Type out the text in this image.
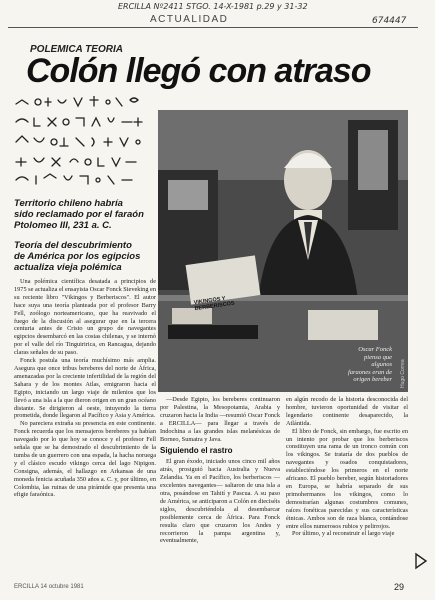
ERCILLA Nº2411 STGO. 14-X-1981 p.29 y 31-32
674447
ACTUALIDAD
POLEMICA TEORIA
Colón llegó con atraso
Territorio chileno habría
sido reclamado por el faraón
Ptolomeo III, 231 a. C.
Teoría del descubrimiento
de América por los egipcios
actualiza vieja polémica
VIKINGOS Y BERBERISCOS
Oscar Fonck
piensa que
algunos
faraones eran de
origen bereber Hugo Correa

Una polémica científica desatada a principios de 1975 se actualiza el ensayista Oscar Fonck Sieveking en su reciente libro "Vikingos y Berberiscos". El autor hace suya una teoría planteada por el profesor Barry Fell, zoólogo norteamericano, que ha reavivado el fuego de la discusión al asegurar que en la tercera centuria antes de Cristo un grupo de navegantes egipcios desembarcó en las costas chilenas, y se internó por el valle del río Tinguiririca, en Rancagua, dejando claras señales de su paso.

Fonck postula una teoría muchísimo más amplia. Asegura que once tribus bereberes del norte de África, amenazadas por la creciente infertilidad de la región del Sahara y de los montes Atlas, emigraron hacia el Egipto, iniciando un largo viaje de milenios que los llevó a una isla a la que dieron origen en un gran océano distante. Se dirigieron al oeste, intuyendo la tierra prometida, donde llegaron al Pacífico y Asia y América.

No pareciera extraña su presencia en este continente. Fonck recuerda que los mensajeros bereberes ya habían navegado por lo que hoy se conoce y el profesor Fell señala que se ha demostrado el descubrimiento de la tumba de un guerrero con una espada, la hacha noruega y el clásico escudo vikingo cerca del lago Nipigon. Consigna, además, el hallazgo en Arkansas de una moneda fenicia acuñada 350 años a. C. y, por último, en Colombia, las ruinas de una pirámide que presenta una efigie faraónica.

—Desde Egipto, los bereberes continuaron por Palestina, la Mesopotamia, Arabia y cruzaron hacia la India —resumió Oscar Fonck a ERCILLA— para llegar a través de Indochina a las grandes islas melanésicas de Borneo, Sumatra y Java.

Siguiendo el rastro

El gran éxodo, iniciado unos cinco mil años atrás, prosiguió hacia Australia y Nueva Zelandia. Ya en el Pacífico, los berberiscos —excelentes navegantes— saltaron de una isla a otra, posándose en Tahití y Pascua. A su paso de América, se anticiparon a Colón en dieciséis siglos, descubriéndola al desembarcar posiblemente cerca de África. Para Fonck resulta claro que cruzaron los Andes y recorrieron la pampa argentina y, eventualmente,

en algún recodo de la historia desconocida del hombre, tuvieron oportunidad de visitar el legendario continente desaparecido, la Atlántida.

El libro de Fonck, sin embargo, fue escrito en un intento por probar que los berberiscos constituyen una rama de un tronco común con los vikingos. Se trataría de dos pueblos de navegantes y osados conquistadores, estableciéndose los primeros en el norte africano. El pueblo bereber, según historiadores en Europa, se habría separado de sus primohermanos los vikingos, como lo demostrarían algunas costumbres comunes, raíces fonéticas parecidas y sus características étnicas. Ambos son de raza blanca, contándose entre ellos numerosos rubios y pelirrojos.

Por último, y al reconstruir el largo viaje

ERCILLA 14 octubre 1981	29
